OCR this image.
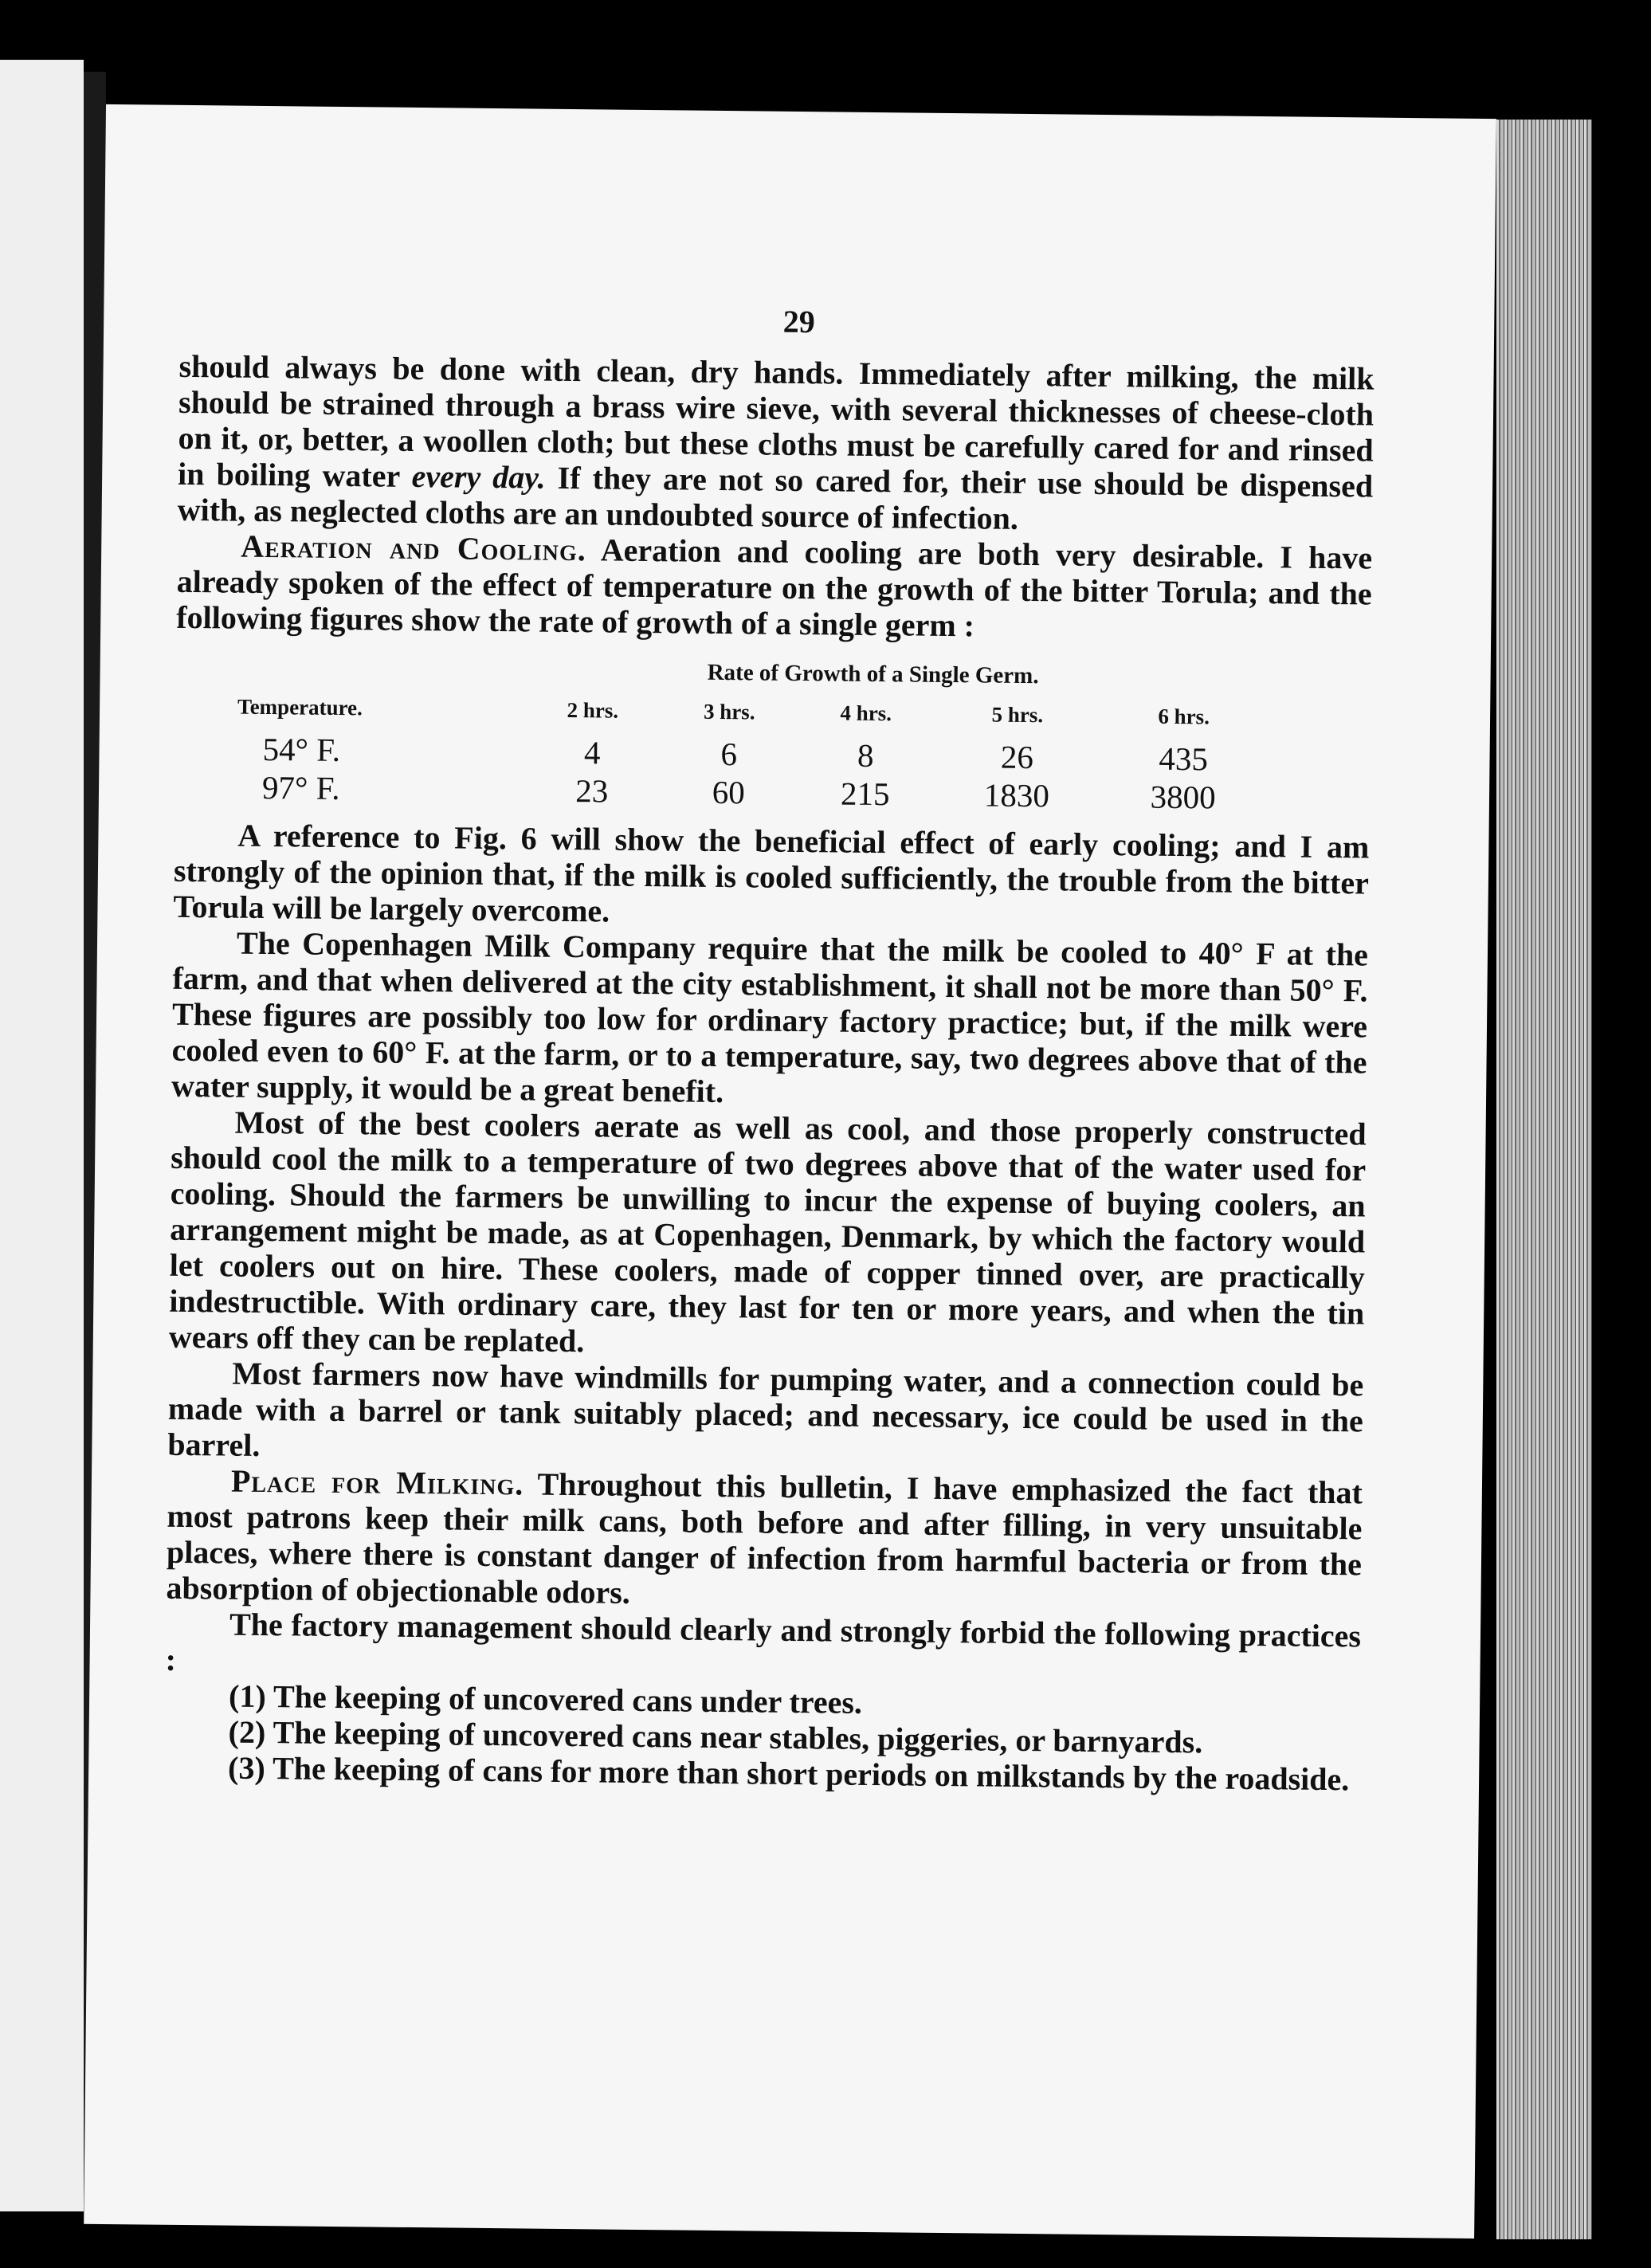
29

should always be done with clean, dry hands. Immediately after milking, the milk should be strained through a brass wire sieve, with several thicknesses of cheese-cloth on it, or, better, a woollen cloth; but these cloths must be carefully cared for and rinsed in boiling water every day. If they are not so cared for, their use should be dispensed with, as neglected cloths are an undoubted source of infection.

Aeration and Cooling. Aeration and cooling are both very desirable. I have already spoken of the effect of temperature on the growth of the bitter Torula; and the following figures show the rate of growth of a single germ :

Rate of Growth of a Single Germ.
Temperature.	2 hrs.	3 hrs.	4 hrs.	5 hrs.	6 hrs.
54° F.	4	6	8	26	435
97° F.	23	60	215	1830	3800

A reference to Fig. 6 will show the beneficial effect of early cooling; and I am strongly of the opinion that, if the milk is cooled sufficiently, the trouble from the bitter Torula will be largely overcome.

The Copenhagen Milk Company require that the milk be cooled to 40° F at the farm, and that when delivered at the city establishment, it shall not be more than 50° F. These figures are possibly too low for ordinary factory practice; but, if the milk were cooled even to 60° F. at the farm, or to a temperature, say, two degrees above that of the water supply, it would be a great benefit.

Most of the best coolers aerate as well as cool, and those properly constructed should cool the milk to a temperature of two degrees above that of the water used for cooling. Should the farmers be unwilling to incur the expense of buying coolers, an arrangement might be made, as at Copenhagen, Denmark, by which the factory would let coolers out on hire. These coolers, made of copper tinned over, are practically indestructible. With ordinary care, they last for ten or more years, and when the tin wears off they can be replated.

Most farmers now have windmills for pumping water, and a connection could be made with a barrel or tank suitably placed; and necessary, ice could be used in the barrel.

Place for Milking. Throughout this bulletin, I have emphasized the fact that most patrons keep their milk cans, both before and after filling, in very unsuitable places, where there is constant danger of infection from harmful bacteria or from the absorption of objectionable odors.

The factory management should clearly and strongly forbid the following practices :

(1) The keeping of uncovered cans under trees.

(2) The keeping of uncovered cans near stables, piggeries, or barnyards.

(3) The keeping of cans for more than short periods on milkstands by the roadside.
